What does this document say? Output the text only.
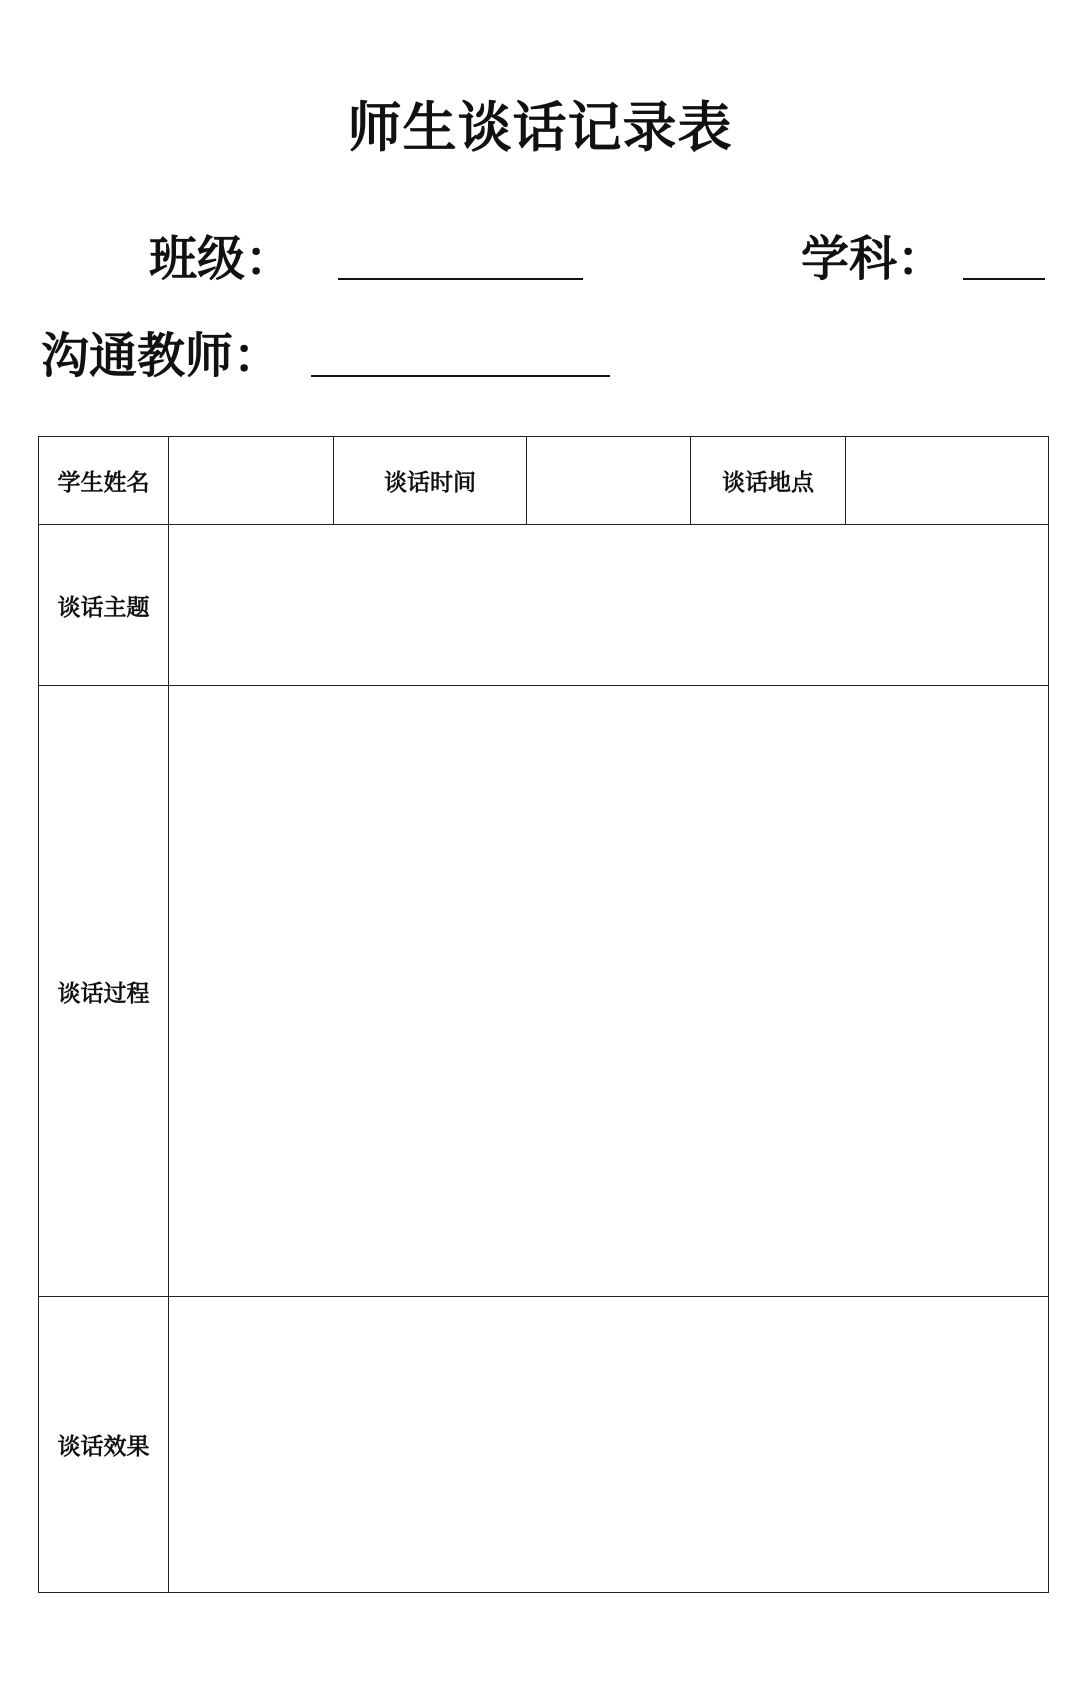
师生谈话记录表
班级：	学科：
沟通教师：
学生姓名		谈话时间		谈话地点	
谈话主题					
谈话过程					
谈话效果					
